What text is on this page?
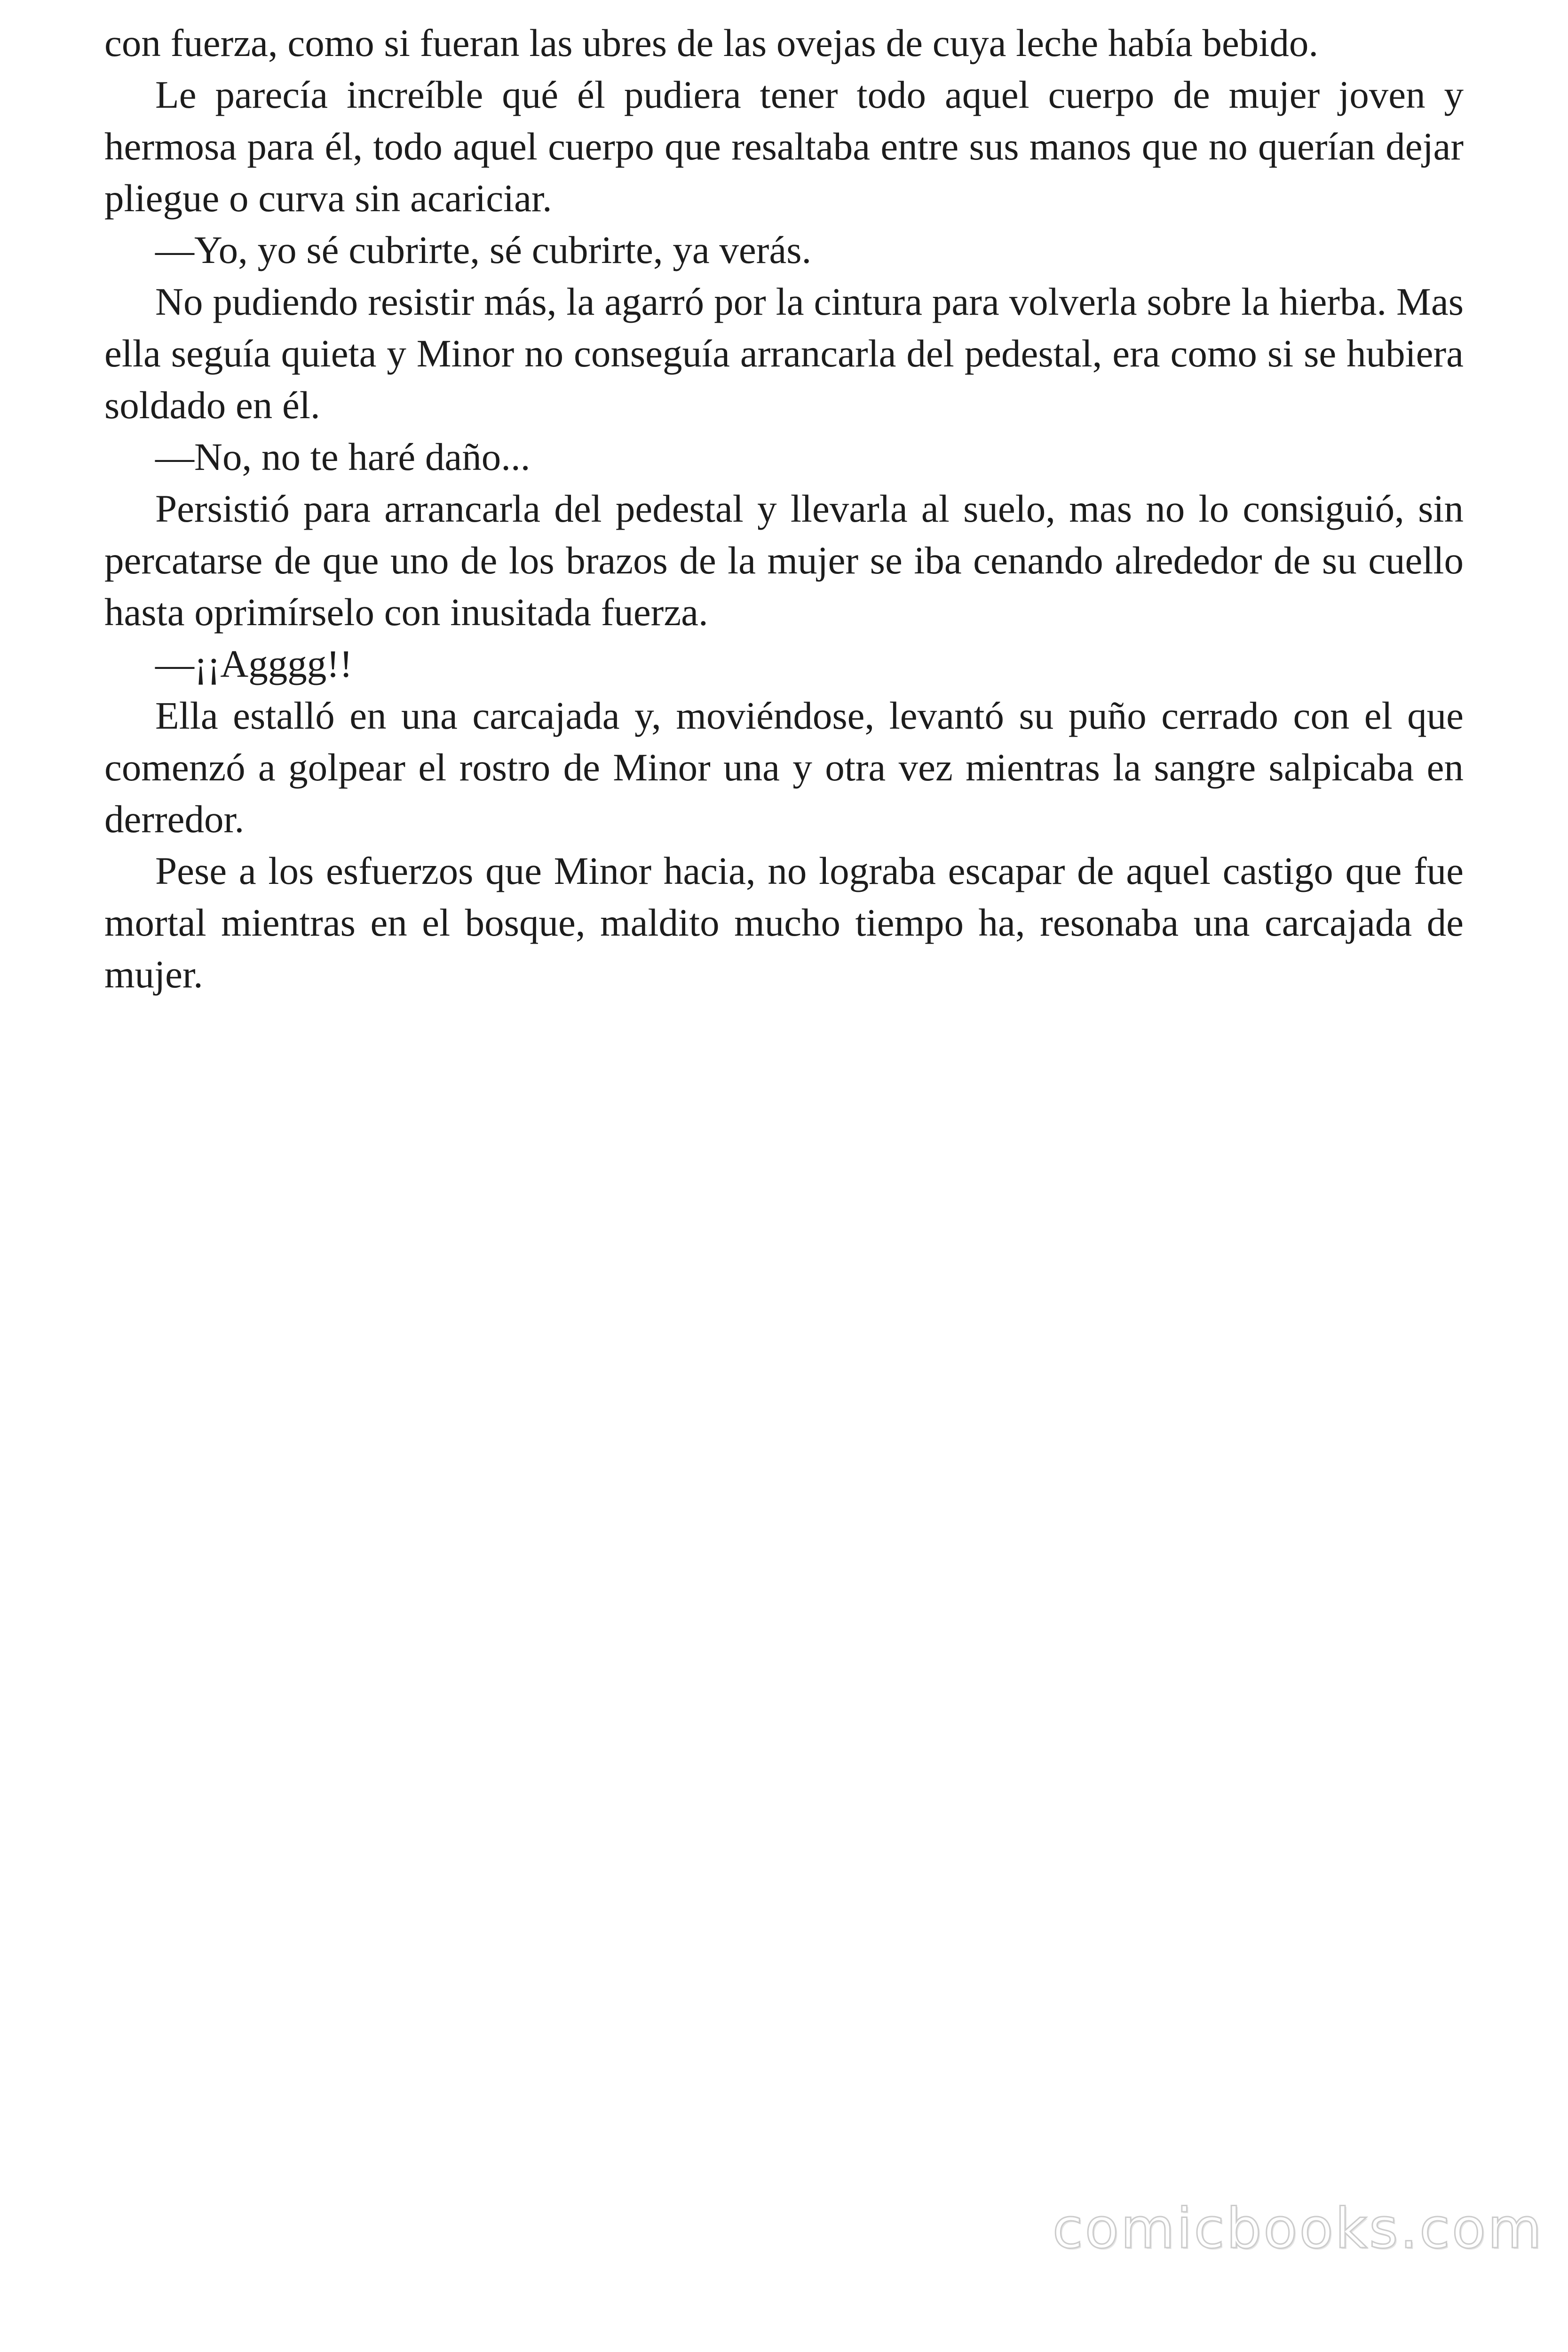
con fuerza, como si fueran las ubres de las ovejas de cuya leche había bebido.

Le parecía increíble qué él pudiera tener todo aquel cuerpo de mujer joven y hermosa para él, todo aquel cuerpo que resaltaba entre sus manos que no querían dejar pliegue o curva sin acariciar.

—Yo, yo sé cubrirte, sé cubrirte, ya verás.

No pudiendo resistir más, la agarró por la cintura para volverla sobre la hierba. Mas ella seguía quieta y Minor no conseguía arrancarla del pedestal, era como si se hubiera soldado en él.

—No, no te haré daño...

Persistió para arrancarla del pedestal y llevarla al suelo, mas no lo consiguió, sin percatarse de que uno de los brazos de la mujer se iba cenando alrededor de su cuello hasta oprimírselo con inusitada fuerza.

—¡¡Agggg!!

Ella estalló en una carcajada y, moviéndose, levantó su puño cerrado con el que comenzó a golpear el rostro de Minor una y otra vez mientras la sangre salpicaba en derredor.

Pese a los esfuerzos que Minor hacia, no lograba escapar de aquel castigo que fue mortal mientras en el bosque, maldito mucho tiempo ha, resonaba una carcajada de mujer.

comicbooks.com
